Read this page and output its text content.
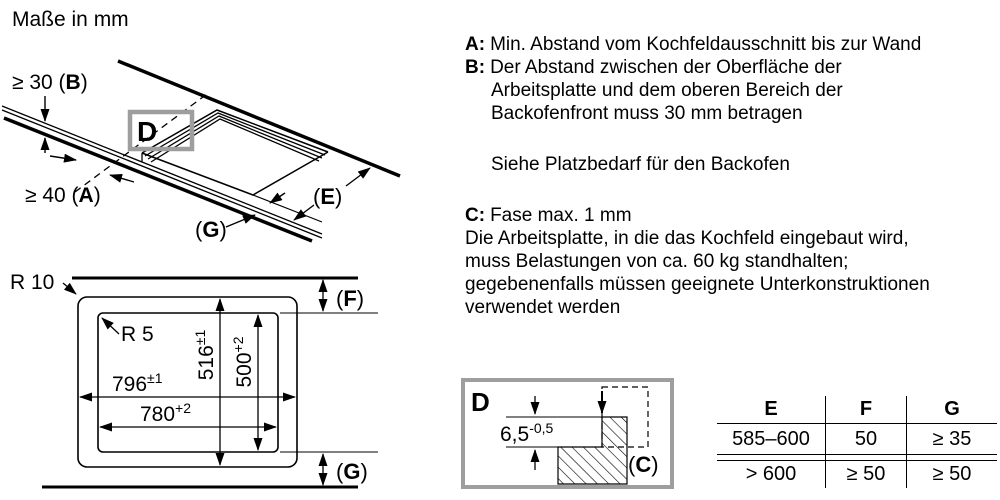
Maße in mm
≥ 30 (B)
≥ 40 (A)
D
(E)
(G)
R 10
R 5
$796^{\pm 1}$
$780^{+2}$
$516^{\pm 1}$
$500^{+2}$
(F)
(G)
D
$6,5^{-0,5}$
(C)
A: Min. Abstand vom Kochfeldausschnitt bis zur Wand
B: Der Abstand zwischen der Oberfläche der Arbeitsplatte und dem oberen Bereich der Backofenfront muss 30 mm betragen
Siehe Platzbedarf für den Backofen
C: Fase max. 1 mm
Die Arbeitsplatte, in die das Kochfeld eingebaut wird, muss Belastungen von ca. 60 kg standhalten; gegebenenfalls müssen geeignete Unterkonstruktionen verwendet werden
E	F	G
585–600	50	≥ 35

> 600	≥ 50	≥ 50
